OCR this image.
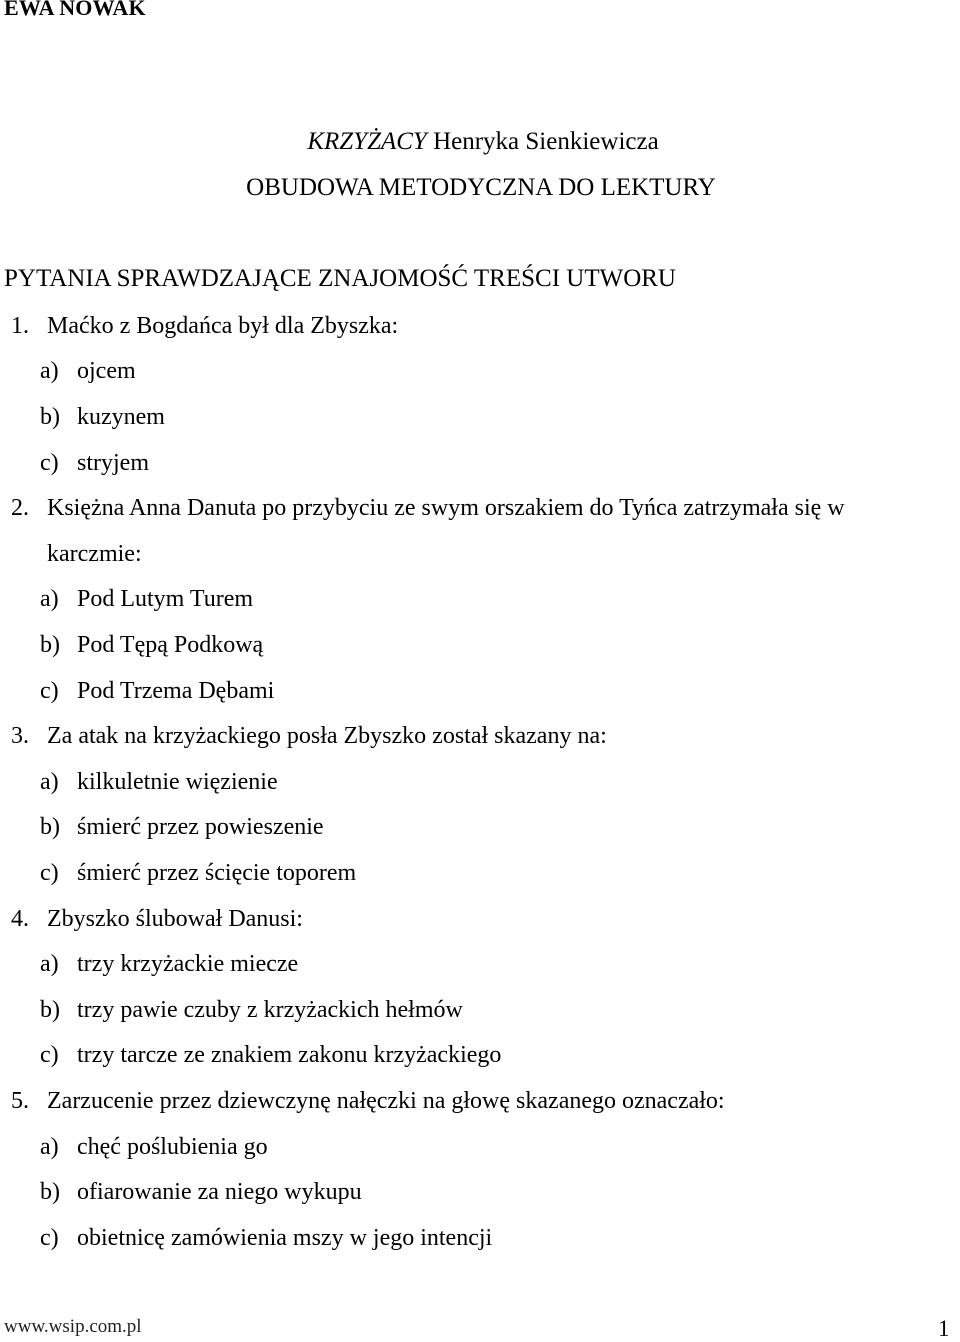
EWA NOWAK
KRZYŻACY Henryka Sienkiewicza
OBUDOWA METODYCZNA DO LEKTURY
PYTANIA SPRAWDZAJĄCE ZNAJOMOŚĆ TREŚCI UTWORU
1. Maćko z Bogdańca był dla Zbyszka:
a) ojcem
b) kuzynem
c) stryjem
2. Księżna Anna Danuta po przybyciu ze swym orszakiem do Tyńca zatrzymała się w
karczmie:
a) Pod Lutym Turem
b) Pod Tępą Podkową
c) Pod Trzema Dębami
3. Za atak na krzyżackiego posła Zbyszko został skazany na:
a) kilkuletnie więzienie
b) śmierć przez powieszenie
c) śmierć przez ścięcie toporem
4. Zbyszko ślubował Danusi:
a) trzy krzyżackie miecze
b) trzy pawie czuby z krzyżackich hełmów
c) trzy tarcze ze znakiem zakonu krzyżackiego
5. Zarzucenie przez dziewczynę nałęczki na głowę skazanego oznaczało:
a) chęć poślubienia go
b) ofiarowanie za niego wykupu
c) obietnicę zamówienia mszy w jego intencji
www.wsip.com.pl	1
